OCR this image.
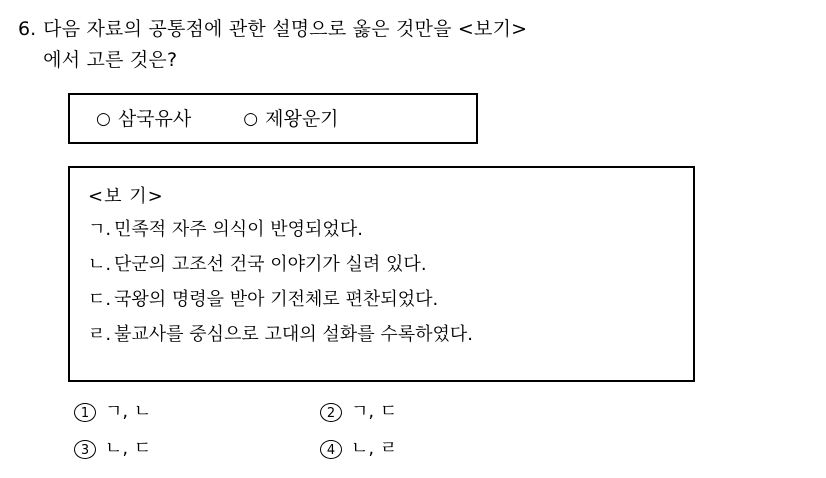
6. 다음 자료의 공통점에 관한 설명으로 옳은 것만을 <보기>
에서 고른 것은?
○ 삼국유사	○ 제왕운기
<보 기>
ㄱ. 민족적 자주 의식이 반영되었다.
ㄴ. 단군의 고조선 건국 이야기가 실려 있다.
ㄷ. 국왕의 명령을 받아 기전체로 편찬되었다.
ㄹ. 불교사를 중심으로 고대의 설화를 수록하였다.
1 ㄱ, ㄴ	2 ㄱ, ㄷ
3 ㄴ, ㄷ	4 ㄴ, ㄹ
